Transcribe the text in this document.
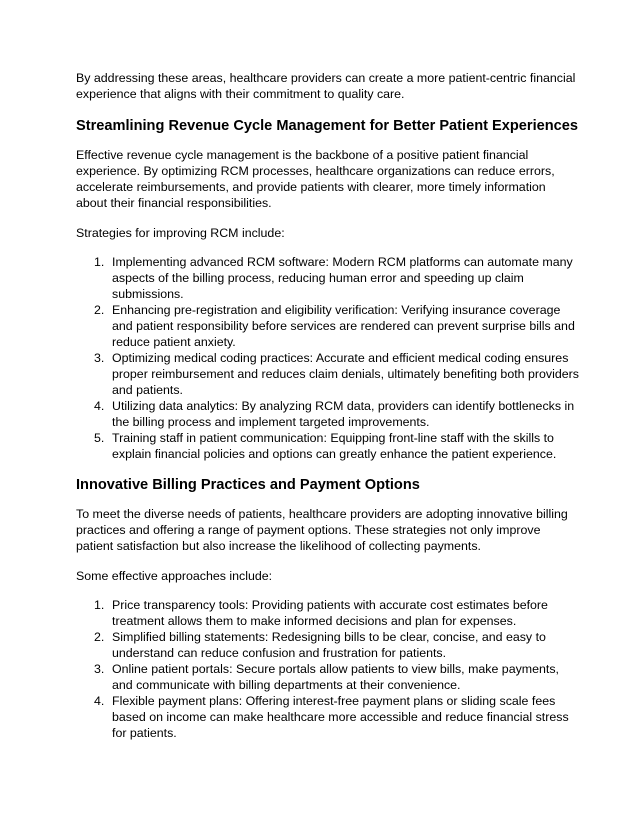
By addressing these areas, healthcare providers can create a more patient-centric financial experience that aligns with their commitment to quality care.

Streamlining Revenue Cycle Management for Better Patient Experiences

Effective revenue cycle management is the backbone of a positive patient financial experience. By optimizing RCM processes, healthcare organizations can reduce errors, accelerate reimbursements, and provide patients with clearer, more timely information about their financial responsibilities.

Strategies for improving RCM include:

1. Implementing advanced RCM software: Modern RCM platforms can automate many aspects of the billing process, reducing human error and speeding up claim submissions.
2. Enhancing pre-registration and eligibility verification: Verifying insurance coverage and patient responsibility before services are rendered can prevent surprise bills and reduce patient anxiety.
3. Optimizing medical coding practices: Accurate and efficient medical coding ensures proper reimbursement and reduces claim denials, ultimately benefiting both providers and patients.
4. Utilizing data analytics: By analyzing RCM data, providers can identify bottlenecks in the billing process and implement targeted improvements.
5. Training staff in patient communication: Equipping front-line staff with the skills to explain financial policies and options can greatly enhance the patient experience.
Innovative Billing Practices and Payment Options

To meet the diverse needs of patients, healthcare providers are adopting innovative billing practices and offering a range of payment options. These strategies not only improve patient satisfaction but also increase the likelihood of collecting payments.

Some effective approaches include:

1. Price transparency tools: Providing patients with accurate cost estimates before treatment allows them to make informed decisions and plan for expenses.
2. Simplified billing statements: Redesigning bills to be clear, concise, and easy to understand can reduce confusion and frustration for patients.
3. Online patient portals: Secure portals allow patients to view bills, make payments, and communicate with billing departments at their convenience.
4. Flexible payment plans: Offering interest-free payment plans or sliding scale fees based on income can make healthcare more accessible and reduce financial stress for patients.
